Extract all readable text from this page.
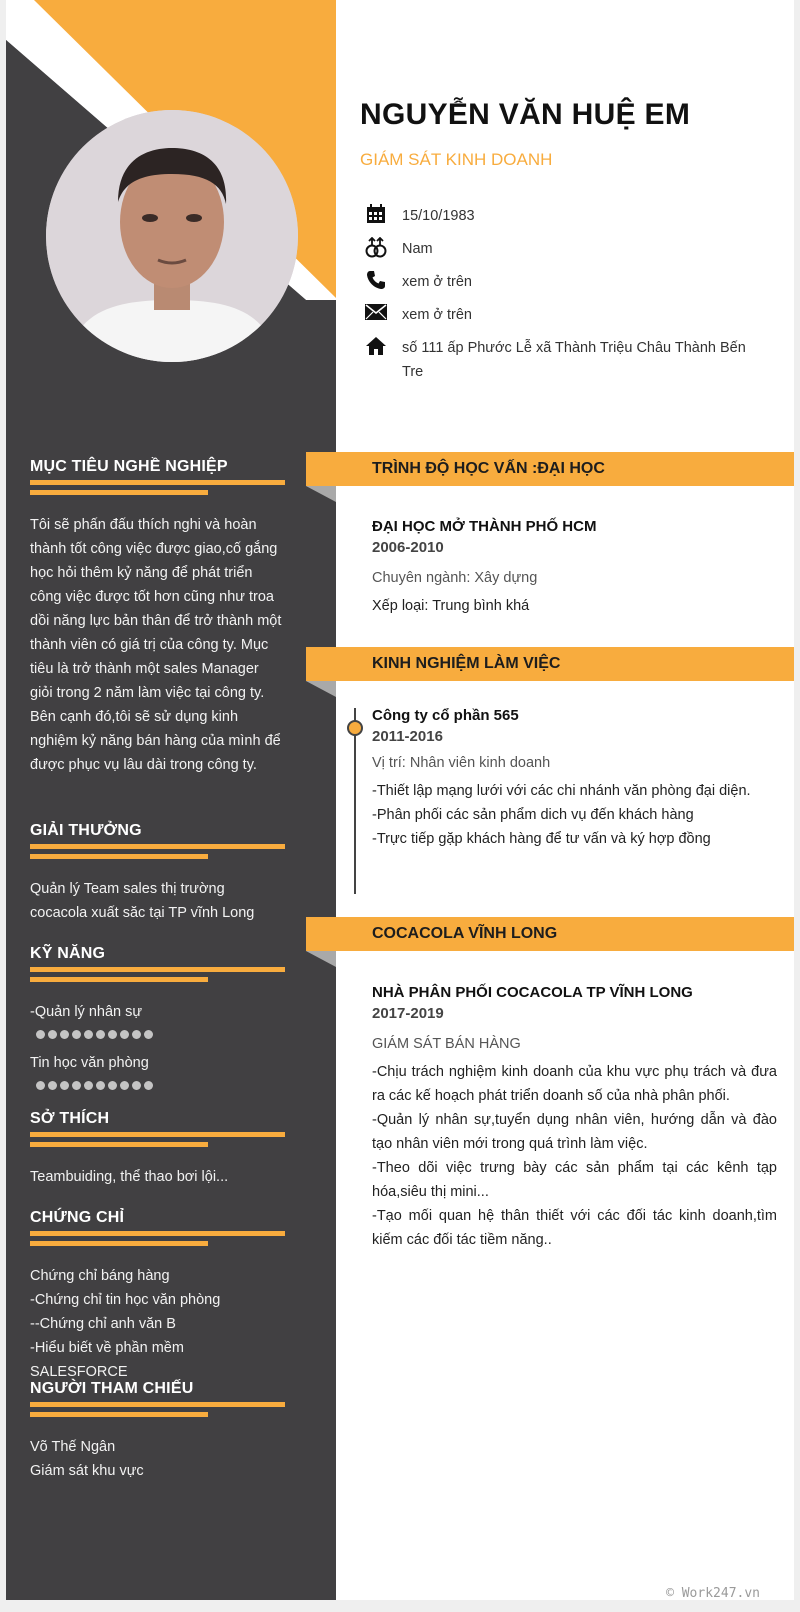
NGUYỄN VĂN HUỆ EM
GIÁM SÁT KINH DOANH
15/10/1983
Nam
xem ở trên
xem ở trên
số 111 ấp Phước Lễ xã Thành Triệu Châu Thành Bến Tre
MỤC TIÊU NGHỀ NGHIỆP
Tôi sẽ phấn đấu thích nghi và hoàn thành tốt công việc được giao,cố gắng học hỏi thêm kỷ năng để phát triển công việc được tốt hơn cũng như troa dồi năng lực bản thân để trở thành một thành viên có giá trị của công ty. Mục tiêu là trở thành một sales Manager giỏi trong 2 năm làm việc tại công ty.
Bên cạnh đó,tôi sẽ sử dụng kinh nghiệm kỷ năng bán hàng của mình để được phục vụ lâu dài trong công ty.
GIẢI THƯỞNG
Quản lý Team sales thị trường cocacola xuất săc tại TP vĩnh Long
KỸ NĂNG
-Quản lý nhân sự
Tin học văn phòng
SỞ THÍCH
Teambuiding, thể thao bơi lội...
CHỨNG CHỈ
Chứng chỉ báng hàng
-Chứng chỉ tin học văn phòng
--Chứng chỉ anh văn B
-Hiểu biết về phần mềm SALESFORCE
NGƯỜI THAM CHIẾU
Võ Thế Ngân
Giám sát khu vực
TRÌNH ĐỘ HỌC VẤN :ĐẠI HỌC
ĐẠI HỌC MỞ THÀNH PHỐ HCM
2006-2010
Chuyên ngành: Xây dựng
Xếp loại: Trung bình khá
KINH NGHIỆM LÀM VIỆC
Công ty cổ phần 565
2011-2016
Vị trí: Nhân viên kinh doanh
-Thiết lập mạng lưới với các chi nhánh văn phòng đại diện.
-Phân phối các sản phẩm dich vụ đến khách hàng
-Trực tiếp gặp khách hàng để tư vấn và ký hợp đồng
COCACOLA VĨNH LONG
NHÀ PHÂN PHỐI COCACOLA TP VĨNH LONG
2017-2019
GIÁM SÁT BÁN HÀNG
-Chịu trách nghiệm kinh doanh của khu vực phụ trách và đưa ra các kế hoạch phát triển doanh số của nhà phân phối.
-Quản lý nhân sự,tuyển dụng nhân viên, hướng dẫn và đào tạo nhân viên mới trong quá trình làm việc.
-Theo dõi việc trưng bày các sản phẩm tại các kênh tạp hóa,siêu thị mini...
-Tạo mối quan hệ thân thiết với các đối tác kinh doanh,tìm kiếm các đối tác tiềm năng..
© Work247.vn
